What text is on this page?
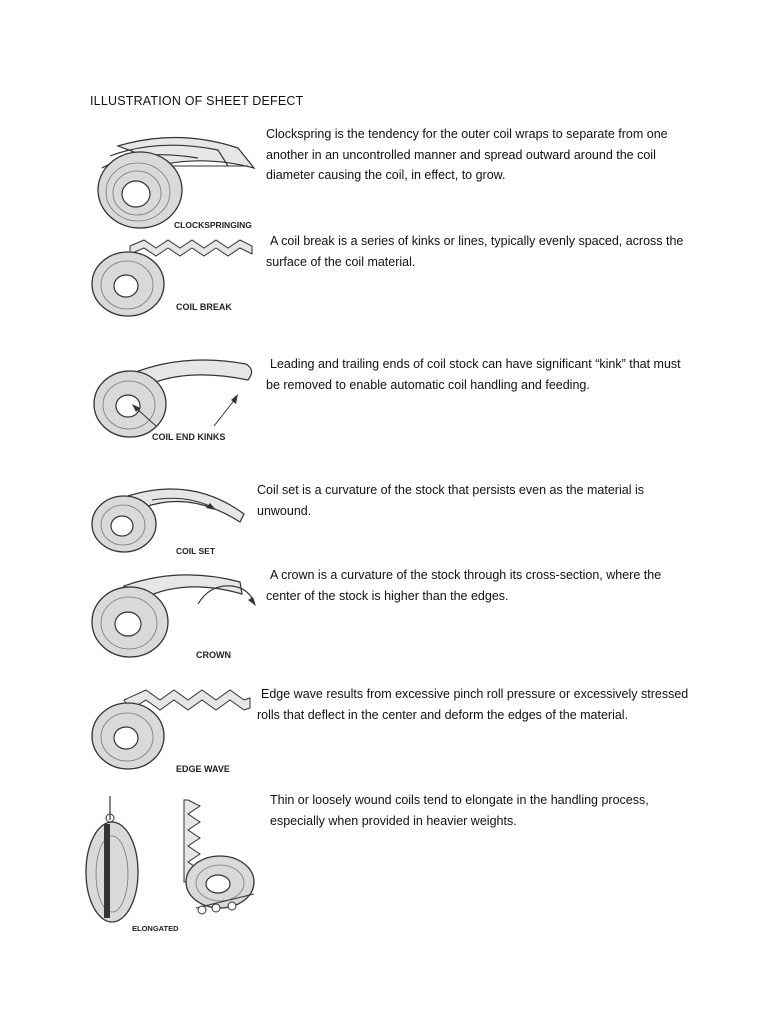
ILLUSTRATION OF SHEET DEFECT
CLOCKSPRINGING

Clockspring is the tendency for the outer coil wraps to separate from one another in an uncontrolled manner and spread outward around the coil diameter causing the coil, in effect, to grow.

COIL BREAK

A coil break is a series of kinks or lines, typically evenly spaced, across the surface of the coil material.

COIL END KINKS

Leading and trailing ends of coil stock can have significant “kink” that must be removed to enable automatic coil handling and feeding.

COIL SET

Coil set is a curvature of the stock that persists even as the material is unwound.

CROWN

A crown is a curvature of the stock through its cross-section, where the center of the stock is higher than the edges.

EDGE WAVE

Edge wave results from excessive pinch roll pressure or excessively stressed rolls that deflect in the center and deform the edges of the material.

ELONGATED

Thin or loosely wound coils tend to elongate in the handling process, especially when provided in heavier weights.
